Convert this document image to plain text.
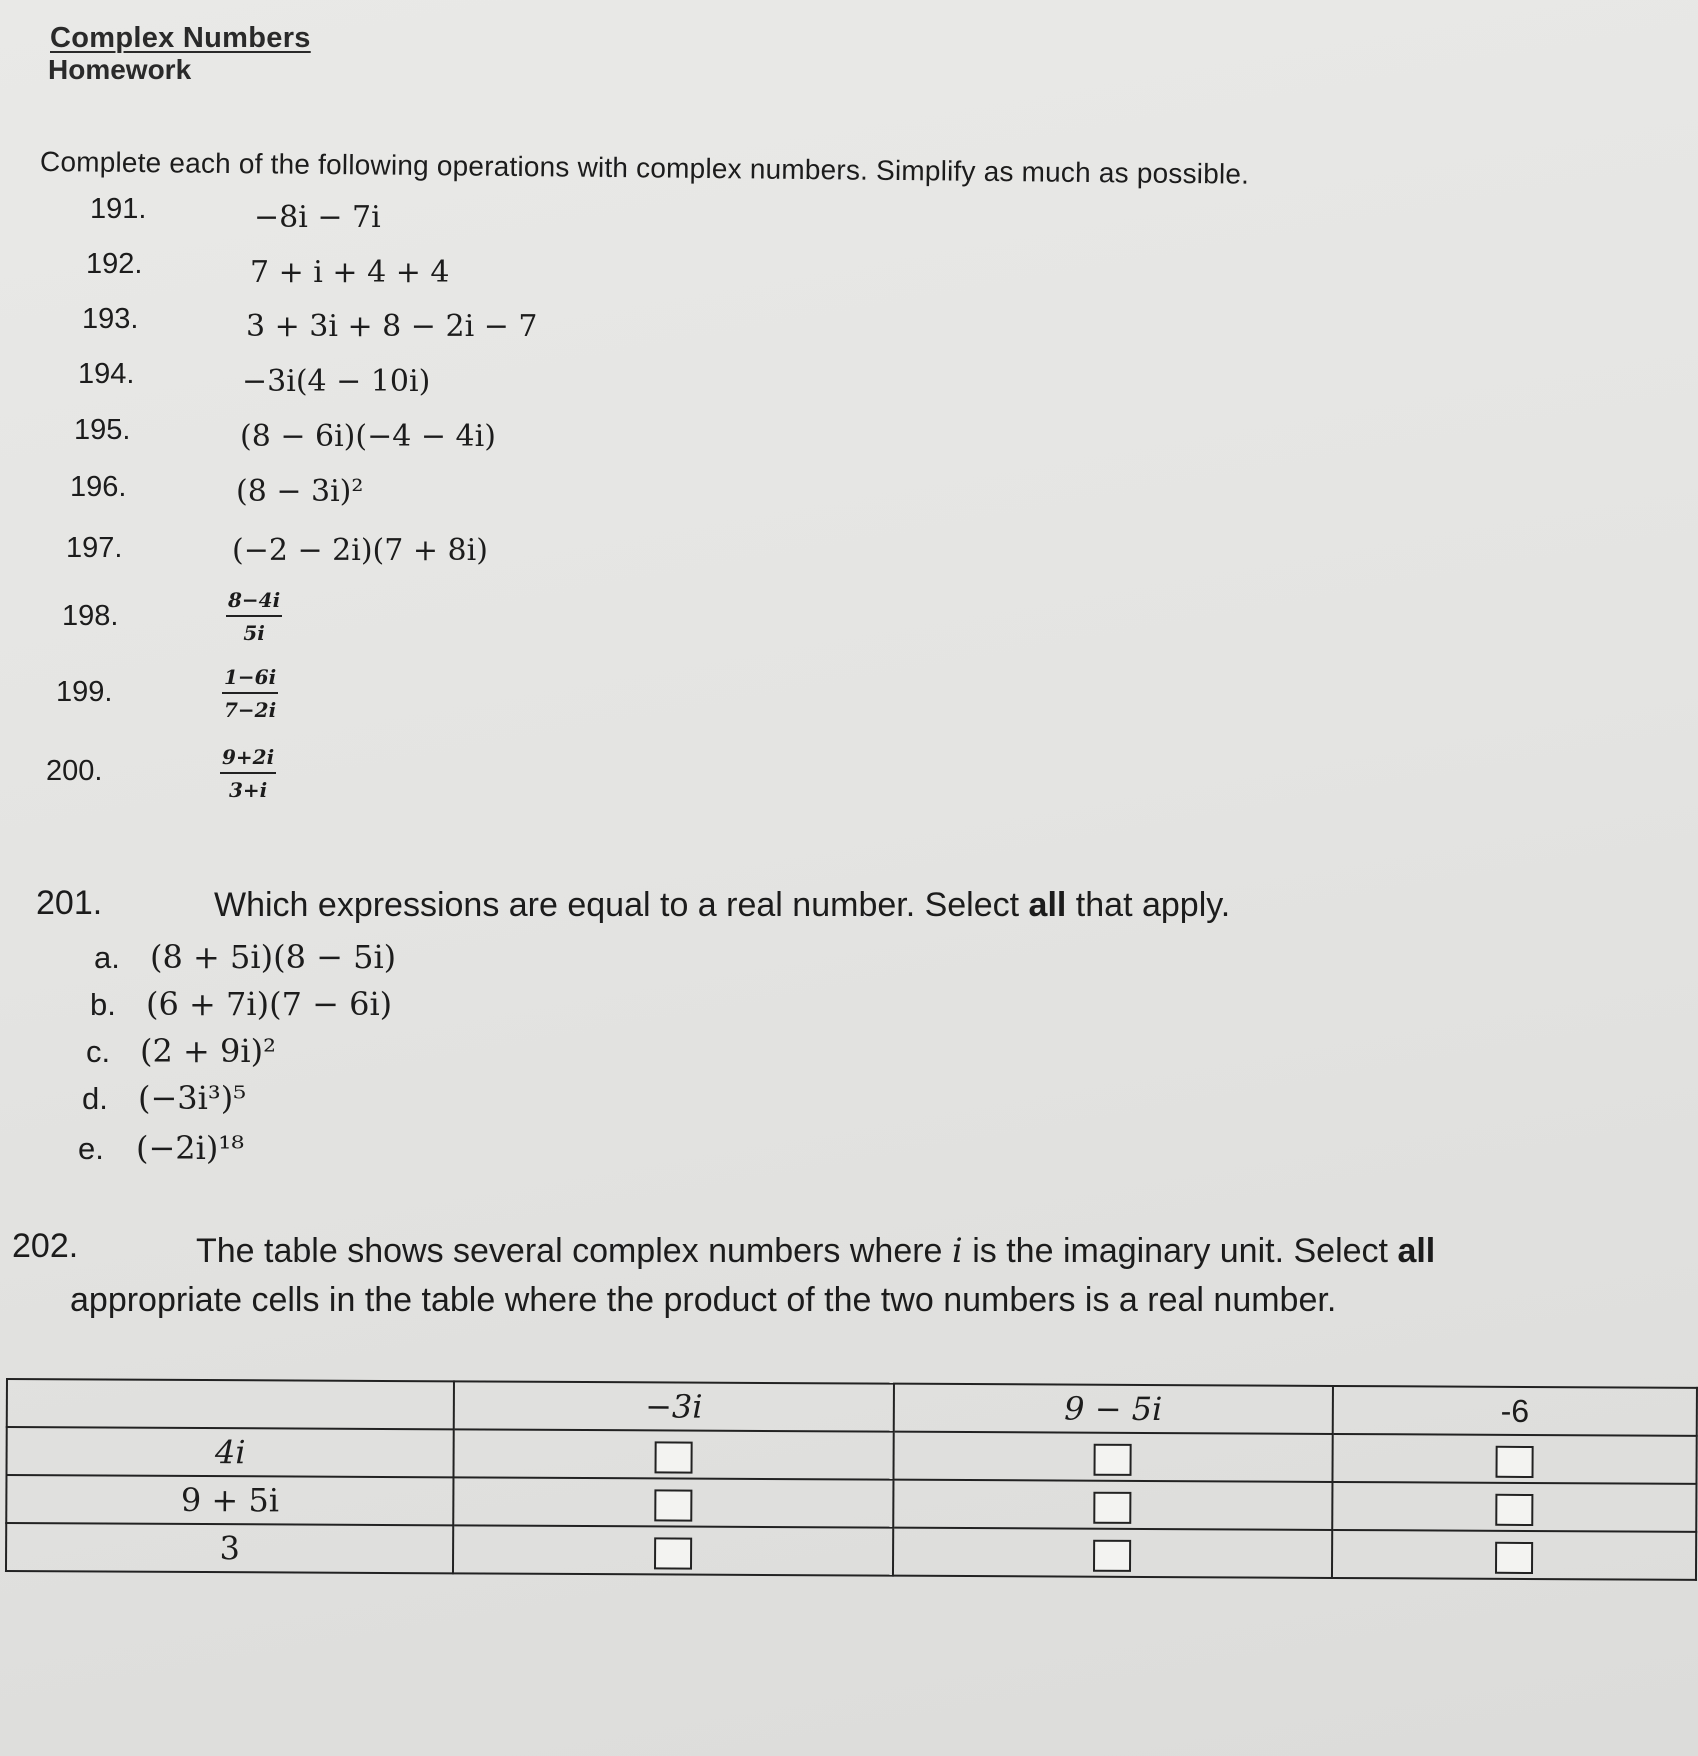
Complex Numbers
Homework
Complete each of the following operations with complex numbers. Simplify as much as possible.
191.	−8i − 7i
192.	7 + i + 4 + 4
193.	3 + 3i + 8 − 2i − 7
194.	−3i(4 − 10i)
195.	(8 − 6i)(−4 − 4i)
196.	(8 − 3i)²
197.	(−2 − 2i)(7 + 8i)
198.	$\frac{8-4i}{5i}$
199.	$\frac{1-6i}{7-2i}$
200.	$\frac{9+2i}{3+i}$
201.	Which expressions are equal to a real number. Select all that apply.
a. (8 + 5i)(8 − 5i)
b. (6 + 7i)(7 − 6i)
c. (2 + 9i)²
d. (−3i³)⁵
e. (−2i)¹⁸
202.	The table shows several complex numbers where i is the imaginary unit. Select all
appropriate cells in the table where the product of the two numbers is a real number.
	−3i	9 − 5i	-6
4i			
9 + 5i			
3			
